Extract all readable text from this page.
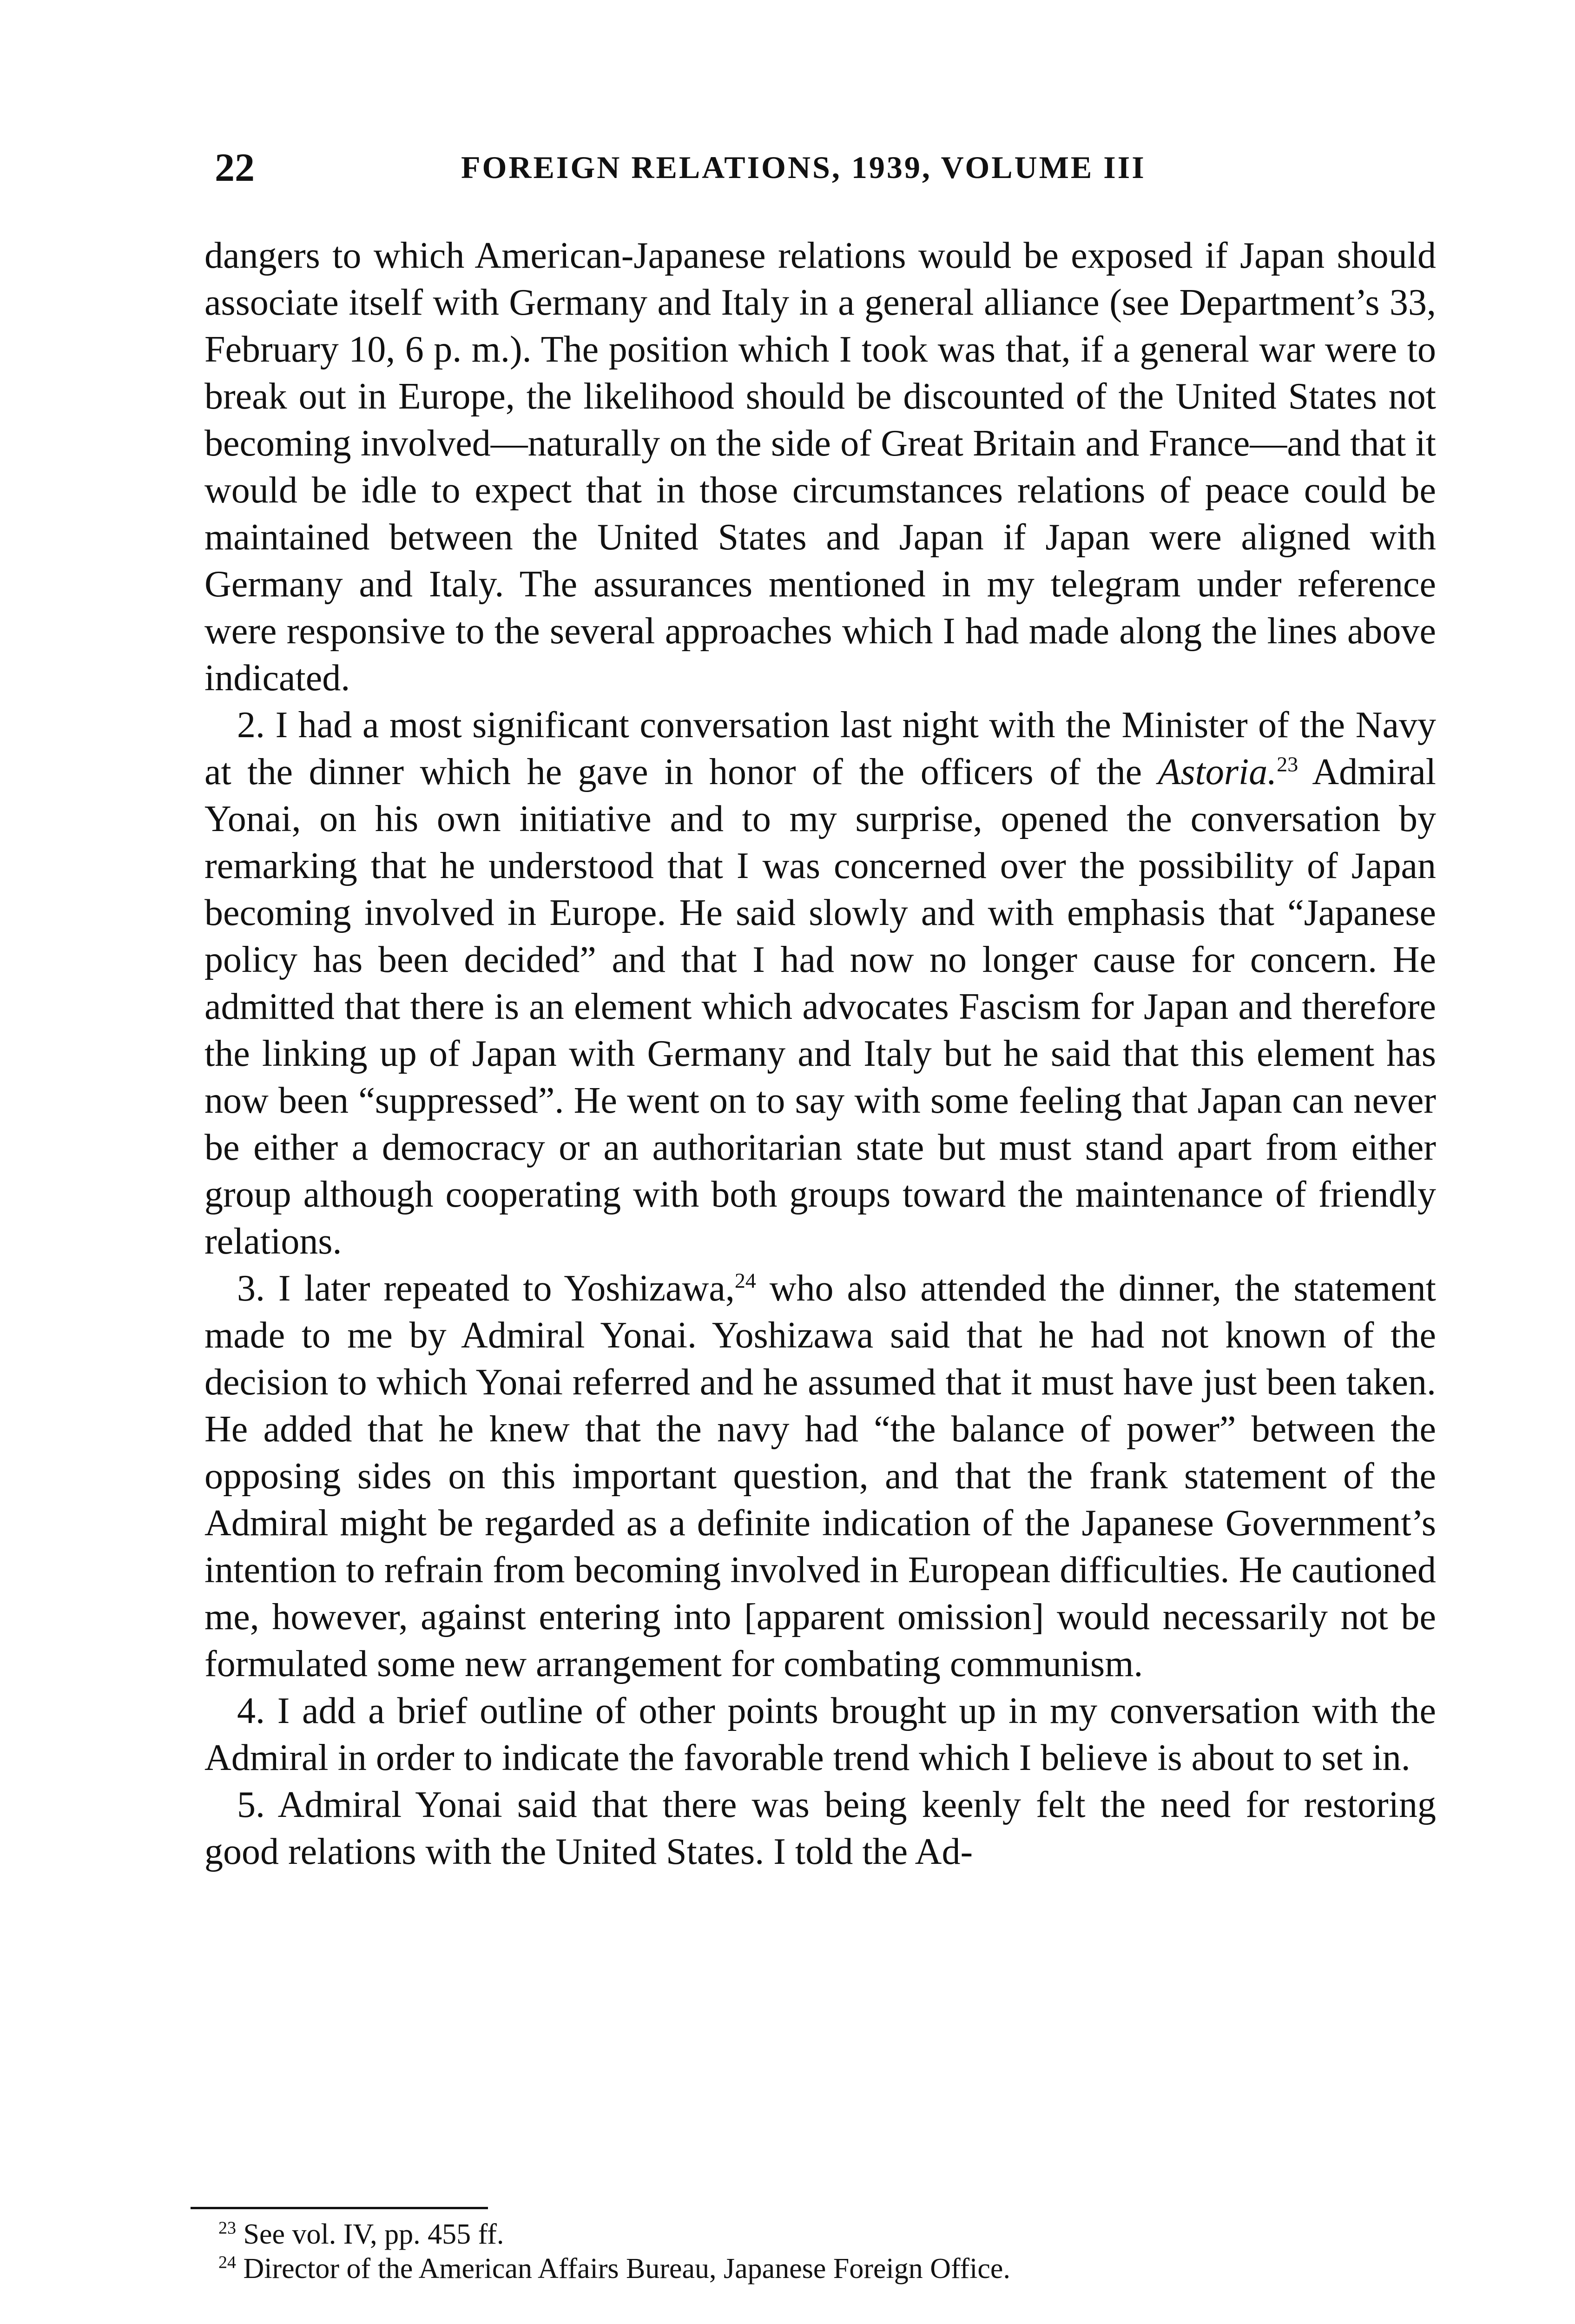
22	FOREIGN RELATIONS, 1939, VOLUME III

dangers to which American-Japanese relations would be exposed if Japan should associate itself with Germany and Italy in a general alliance (see Department’s 33, February 10, 6 p. m.). The position which I took was that, if a general war were to break out in Europe, the likelihood should be discounted of the United States not becoming involved—naturally on the side of Great Britain and France—and that it would be idle to expect that in those circumstances relations of peace could be maintained between the United States and Japan if Japan were aligned with Germany and Italy. The assurances mentioned in my telegram under reference were responsive to the several approaches which I had made along the lines above indicated.

2. I had a most significant conversation last night with the Minister of the Navy at the dinner which he gave in honor of the officers of the Astoria.$^{23}$ Admiral Yonai, on his own initiative and to my surprise, opened the conversation by remarking that he understood that I was concerned over the possibility of Japan becoming involved in Europe. He said slowly and with emphasis that “Japanese policy has been decided” and that I had now no longer cause for concern. He admitted that there is an element which advocates Fascism for Japan and therefore the linking up of Japan with Germany and Italy but he said that this element has now been “suppressed”. He went on to say with some feeling that Japan can never be either a democracy or an authoritarian state but must stand apart from either group although cooperating with both groups toward the maintenance of friendly relations.

3. I later repeated to Yoshizawa,$^{24}$ who also attended the dinner, the statement made to me by Admiral Yonai. Yoshizawa said that he had not known of the decision to which Yonai referred and he assumed that it must have just been taken. He added that he knew that the navy had “the balance of power” between the opposing sides on this important question, and that the frank statement of the Admiral might be regarded as a definite indication of the Japanese Government’s intention to refrain from becoming involved in European difficulties. He cautioned me, however, against entering into [apparent omission] would necessarily not be formulated some new arrangement for combating communism.

4. I add a brief outline of other points brought up in my conversation with the Admiral in order to indicate the favorable trend which I believe is about to set in.

5. Admiral Yonai said that there was being keenly felt the need for restoring good relations with the United States. I told the Ad-

$^{23}$ See vol. IV, pp. 455 ff.

$^{24}$ Director of the American Affairs Bureau, Japanese Foreign Office.
